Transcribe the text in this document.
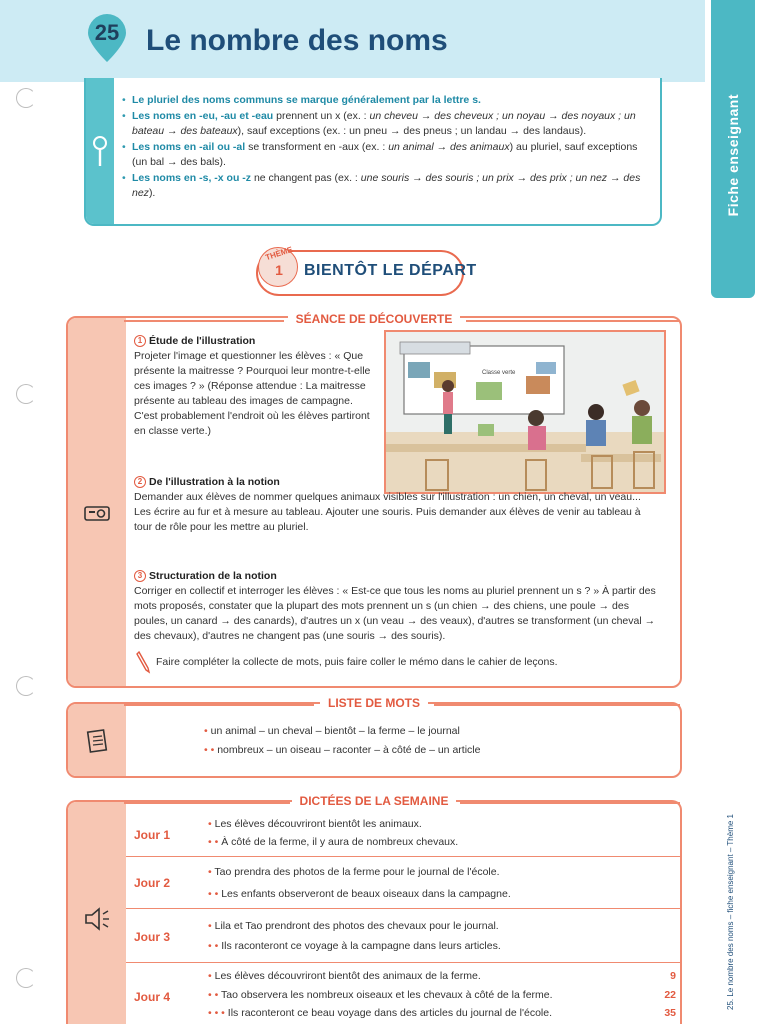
25 Le nombre des noms
Fiche enseignant
25. Le nombre des noms – fiche enseignant – Thème 1
• Le pluriel des noms communs se marque généralement par la lettre s.
• Les noms en -eu, -au et -eau prennent un x (ex. : un cheveu → des cheveux ; un noyau → des noyaux ; un bateau → des bateaux), sauf exceptions (ex. : un pneu → des pneus ; un landau → des landaus).
• Les noms en -ail ou -al se transforment en -aux (ex. : un animal → des animaux) au pluriel, sauf exceptions (un bal → des bals).
• Les noms en -s, -x ou -z ne changent pas (ex. : une souris → des souris ; un prix → des prix ; un nez → des nez).
THÈME
1	BIENTÔT LE DÉPART
SÉANCE DE DÉCOUVERTE
1 Étude de l'illustration
Projeter l'image et questionner les élèves : « Que présente la maitresse ? Pourquoi leur montre-t-elle ces images ? » (Réponse attendue : La maitresse présente au tableau des images de campagne. C'est probablement l'endroit où les élèves partiront en classe verte.)
Classe verte
2 De l'illustration à la notion
Demander aux élèves de nommer quelques animaux visibles sur l'illustration : un chien, un cheval, un veau... Les écrire au fur et à mesure au tableau. Ajouter une souris. Puis demander aux élèves de venir au tableau à tour de rôle pour les mettre au pluriel.
3 Structuration de la notion
Corriger en collectif et interroger les élèves : « Est-ce que tous les noms au pluriel prennent un s ? » À partir des mots proposés, constater que la plupart des mots prennent un s (un chien → des chiens, une poule → des poules, un canard → des canards), d'autres un x (un veau → des veaux), d'autres se transforment (un cheval → des chevaux), d'autres ne changent pas (une souris → des souris).
Faire compléter la collecte de mots, puis faire coller le mémo dans le cahier de leçons.
LISTE DE MOTS
• un animal – un cheval – bientôt – la ferme – le journal
• • nombreux – un oiseau – raconter – à côté de – un article
DICTÉES DE LA SEMAINE
Jour 1
• Les élèves découvriront bientôt les animaux.
• • À côté de la ferme, il y aura de nombreux chevaux.
Jour 2
• Tao prendra des photos de la ferme pour le journal de l'école.
• • Les enfants observeront de beaux oiseaux dans la campagne.
Jour 3
• Lila et Tao prendront des photos des chevaux pour le journal.
• • Ils raconteront ce voyage à la campagne dans leurs articles.
Jour 4
• Les élèves découvriront bientôt des animaux de la ferme.	9
• • Tao observera les nombreux oiseaux et les chevaux à côté de la ferme.	22
• • • Ils raconteront ce beau voyage dans des articles du journal de l'école.	35
